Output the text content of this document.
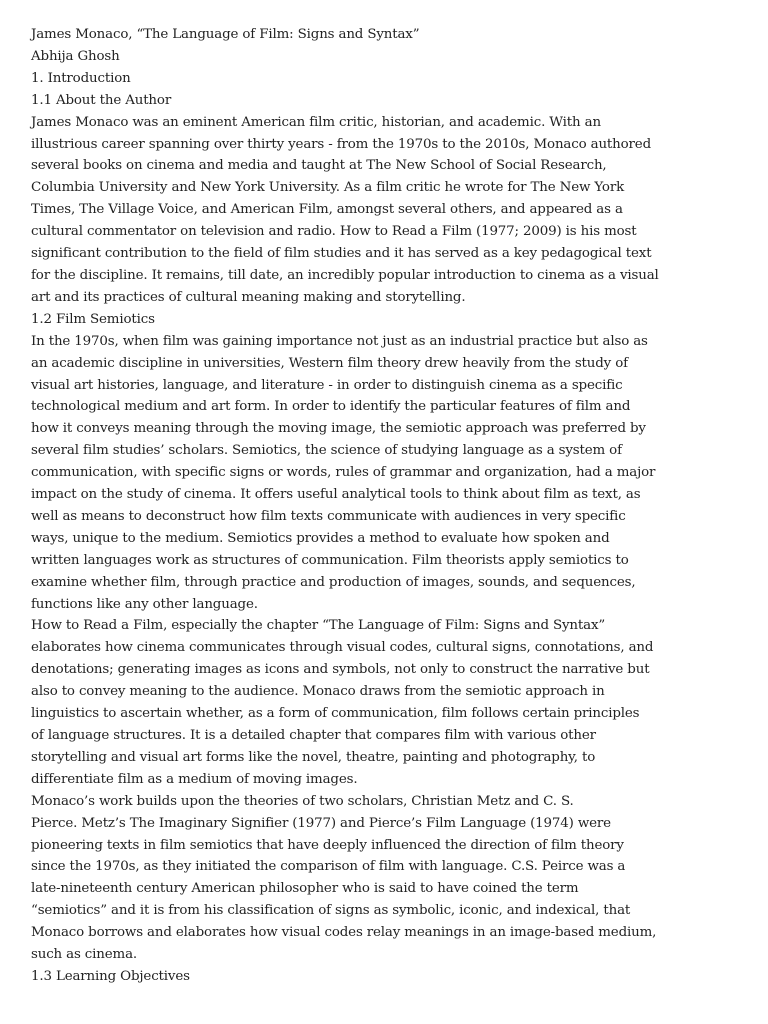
James Monaco, “The Language of Film: Signs and Syntax”
Abhija Ghosh
1. Introduction
1.1 About the Author
James Monaco was an eminent American film critic, historian, and academic. With an
illustrious career spanning over thirty years - from the 1970s to the 2010s, Monaco authored
several books on cinema and media and taught at The New School of Social Research,
Columbia University and New York University. As a film critic he wrote for The New York
Times, The Village Voice, and American Film, amongst several others, and appeared as a
cultural commentator on television and radio. How to Read a Film (1977; 2009) is his most
significant contribution to the field of film studies and it has served as a key pedagogical text
for the discipline. It remains, till date, an incredibly popular introduction to cinema as a visual
art and its practices of cultural meaning making and storytelling.
1.2 Film Semiotics
In the 1970s, when film was gaining importance not just as an industrial practice but also as
an academic discipline in universities, Western film theory drew heavily from the study of
visual art histories, language, and literature - in order to distinguish cinema as a specific
technological medium and art form. In order to identify the particular features of film and
how it conveys meaning through the moving image, the semiotic approach was preferred by
several film studies’ scholars. Semiotics, the science of studying language as a system of
communication, with specific signs or words, rules of grammar and organization, had a major
impact on the study of cinema. It offers useful analytical tools to think about film as text, as
well as means to deconstruct how film texts communicate with audiences in very specific
ways, unique to the medium. Semiotics provides a method to evaluate how spoken and
written languages work as structures of communication. Film theorists apply semiotics to
examine whether film, through practice and production of images, sounds, and sequences,
functions like any other language.
How to Read a Film, especially the chapter “The Language of Film: Signs and Syntax”
elaborates how cinema communicates through visual codes, cultural signs, connotations, and
denotations; generating images as icons and symbols, not only to construct the narrative but
also to convey meaning to the audience. Monaco draws from the semiotic approach in
linguistics to ascertain whether, as a form of communication, film follows certain principles
of language structures. It is a detailed chapter that compares film with various other
storytelling and visual art forms like the novel, theatre, painting and photography, to
differentiate film as a medium of moving images.
Monaco’s work builds upon the theories of two scholars, Christian Metz and C. S.
Pierce. Metz’s The Imaginary Signifier (1977) and Pierce’s Film Language (1974) were
pioneering texts in film semiotics that have deeply influenced the direction of film theory
since the 1970s, as they initiated the comparison of film with language. C.S. Peirce was a
late-nineteenth century American philosopher who is said to have coined the term
“semiotics” and it is from his classification of signs as symbolic, iconic, and indexical, that
Monaco borrows and elaborates how visual codes relay meanings in an image-based medium,
such as cinema.
1.3 Learning Objectives
